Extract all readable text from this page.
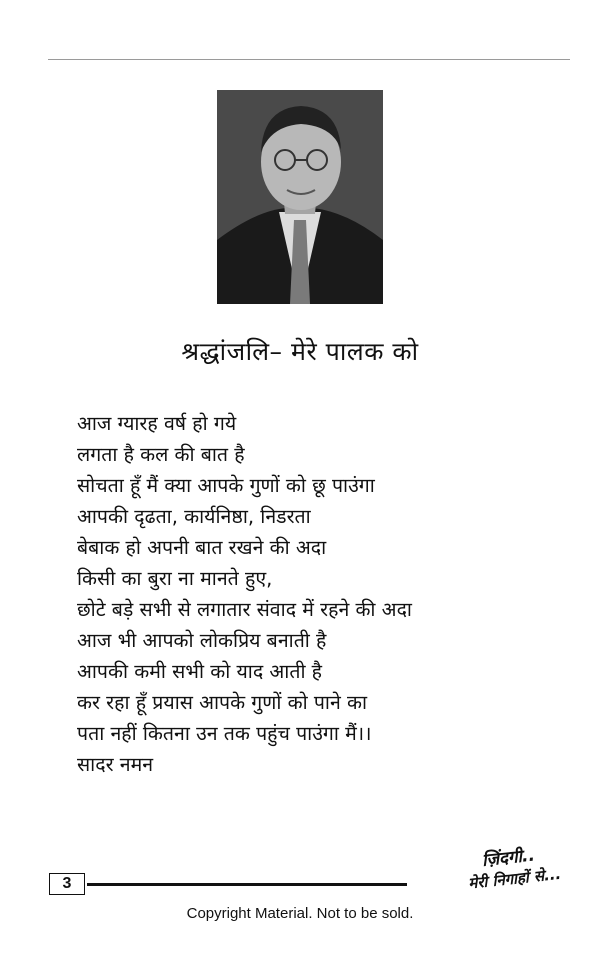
श्रद्धांजलि– मेरे पालक को
आज ग्यारह वर्ष हो गये
लगता है कल की बात है
सोचता हूँ मैं क्या आपके गुणों को छू पाउंगा
आपकी दृढता, कार्यनिष्ठा, निडरता
बेबाक हो अपनी बात रखने की अदा
किसी का बुरा ना मानते हुए,
छोटे बड़े सभी से लगातार संवाद में रहने की अदा
आज भी आपको लोकप्रिय बनाती है
आपकी कमी सभी को याद आती है
कर रहा हूँ प्रयास आपके गुणों को पाने का
पता नहीं कितना उन तक पहुंच पाउंगा मैं।।
सादर नमन
3
ज़िंदगी..
मेरी निगाहों से...
Copyright Material. Not to be sold.
